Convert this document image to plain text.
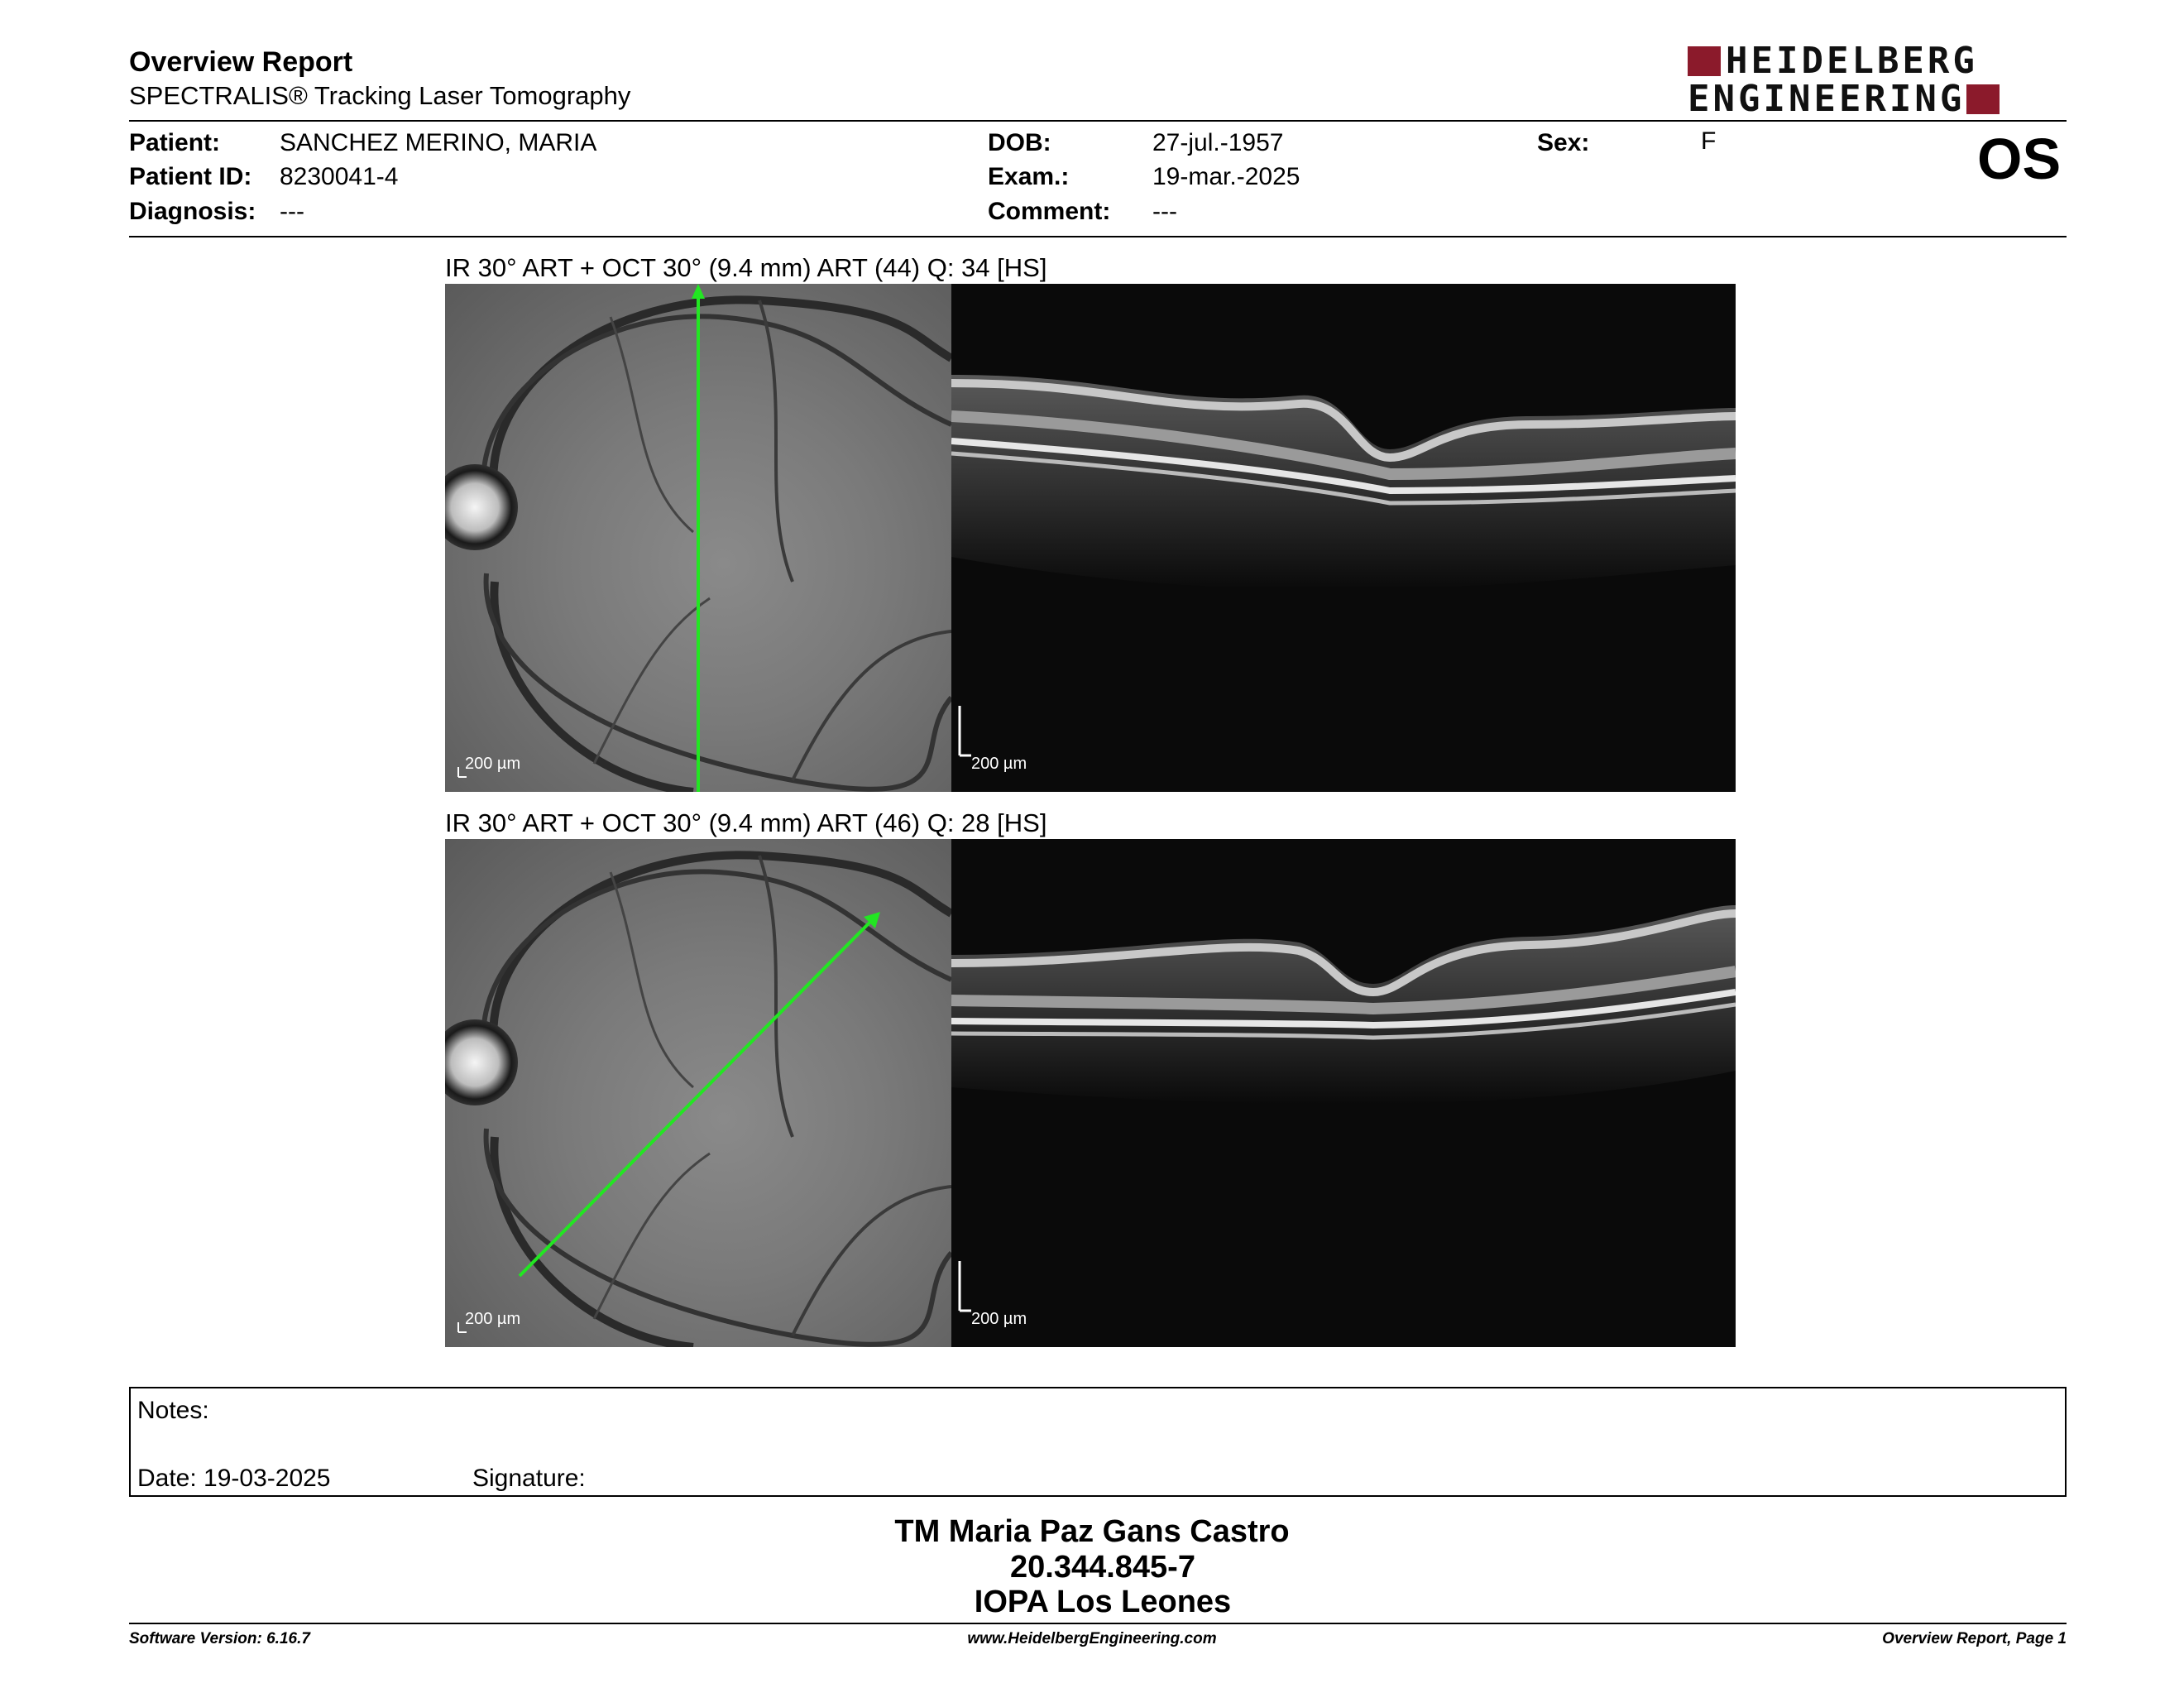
Overview Report
SPECTRALIS® Tracking Laser Tomography
HEIDELBERG
ENGINEERING
Patient: SANCHEZ MERINO, MARIA
Patient ID: 8230041-4
Diagnosis: ---
DOB:	27-jul.-1957
Exam.:	19-mar.-2025
Comment: ---
Sex:	F	OS
IR 30° ART + OCT 30° (9.4 mm) ART (44) Q: 34 [HS]
200 µm	200 µm
IR 30° ART + OCT 30° (9.4 mm) ART (46) Q: 28 [HS]
200 µm	200 µm
Notes:
Date: 19-03-2025	Signature:
TM Maria Paz Gans Castro
20.344.845-7
IOPA Los Leones
Software Version: 6.16.7	www.HeidelbergEngineering.com	Overview Report, Page 1
